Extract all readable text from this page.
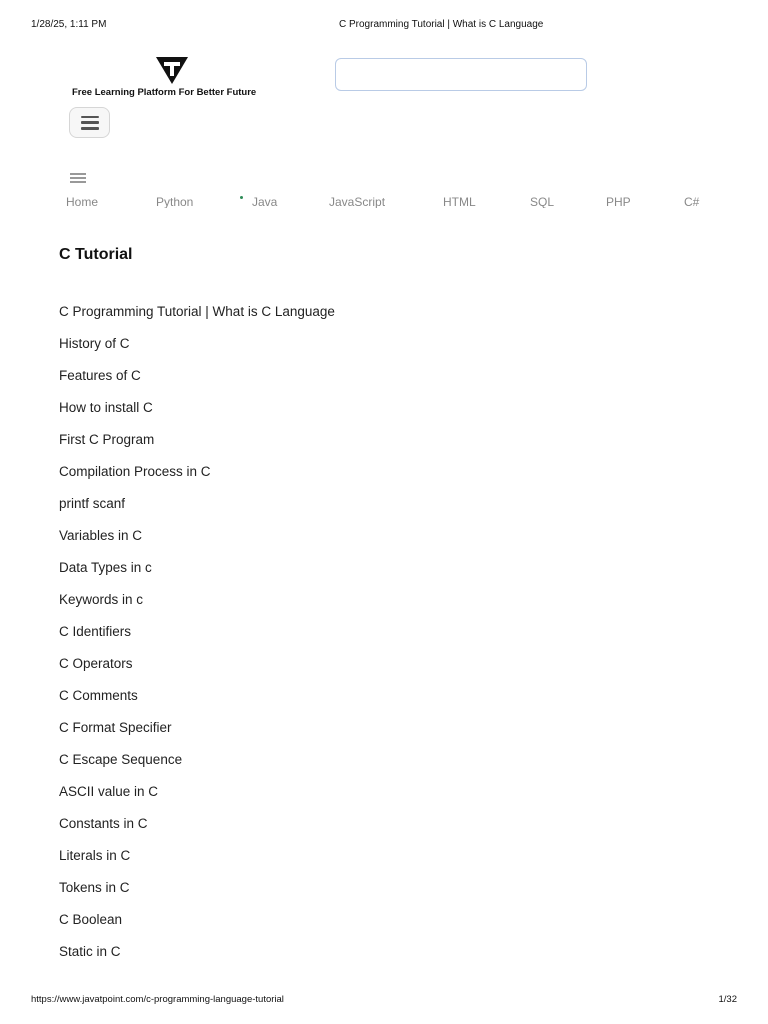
1/28/25, 1:11 PM	C Programming Tutorial | What is C Language
Free Learning Platform For Better Future
Home	Python	Java	JavaScript	HTML	SQL	PHP	C#
C Tutorial
C Programming Tutorial | What is C Language
History of C
Features of C
How to install C
First C Program
Compilation Process in C
printf scanf
Variables in C
Data Types in c
Keywords in c
C Identifiers
C Operators
C Comments
C Format Specifier
C Escape Sequence
ASCII value in C
Constants in C
Literals in C
Tokens in C
C Boolean
Static in C
https://www.javatpoint.com/c-programming-language-tutorial	1/32
